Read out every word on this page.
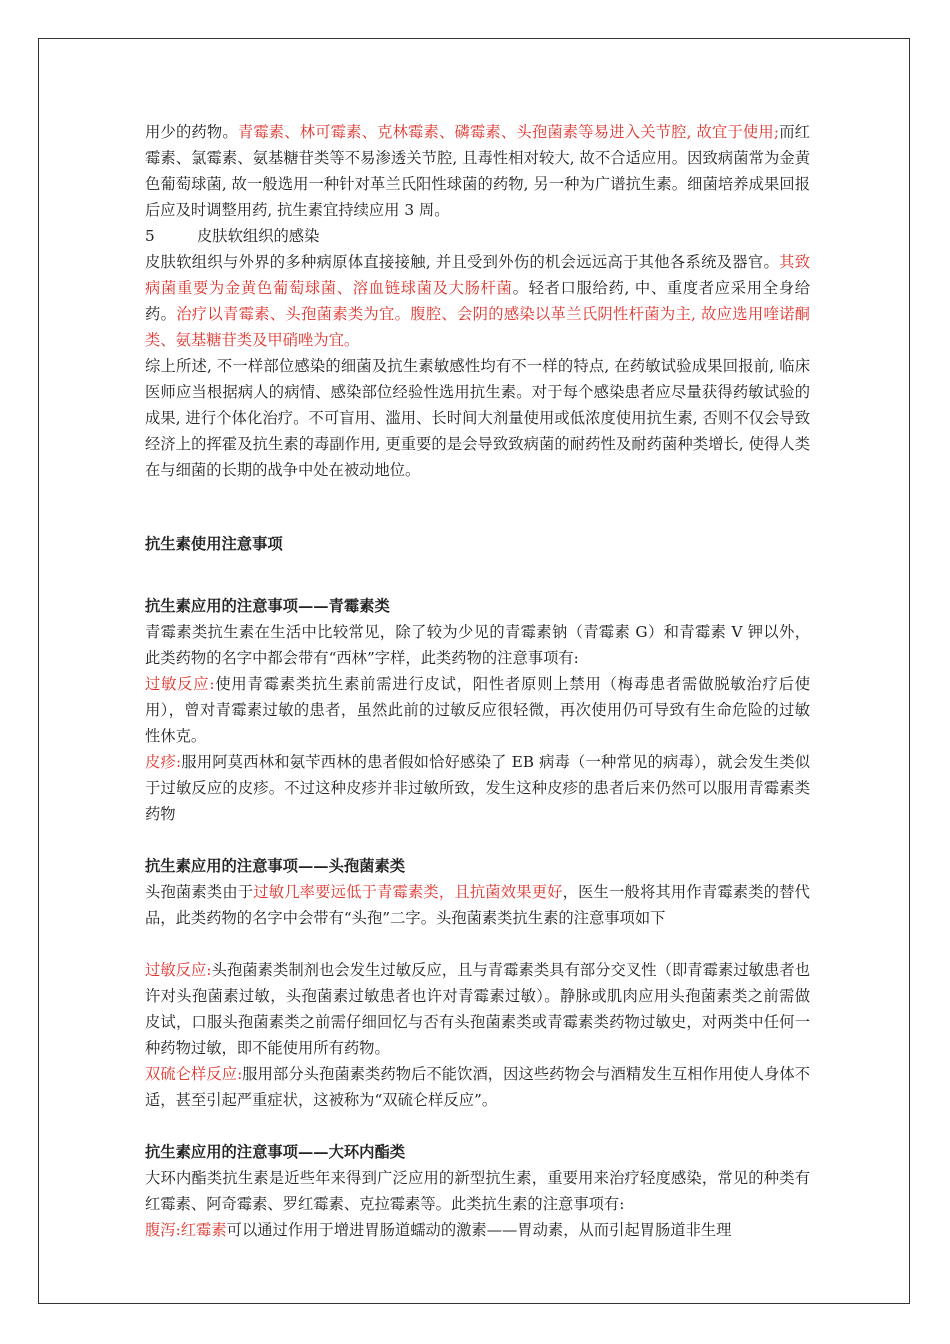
用少的药物。青霉素、林可霉素、克林霉素、磷霉素、头孢菌素等易进入关节腔, 故宜于使用;而红霉素、氯霉素、氨基糖苷类等不易渗透关节腔, 且毒性相对较大, 故不合适应用。因致病菌常为金黄色葡萄球菌, 故一般选用一种针对革兰氏阳性球菌的药物, 另一种为广谱抗生素。细菌培养成果回报后应及时调整用药, 抗生素宜持续应用 3 周。

5	皮肤软组织的感染

皮肤软组织与外界的多种病原体直接接触, 并且受到外伤的机会远远高于其他各系统及器官。其致病菌重要为金黄色葡萄球菌、溶血链球菌及大肠杆菌。轻者口服给药, 中、重度者应采用全身给药。治疗以青霉素、头孢菌素类为宜。腹腔、会阴的感染以革兰氏阴性杆菌为主, 故应选用喹诺酮类、氨基糖苷类及甲硝唑为宜。

综上所述, 不一样部位感染的细菌及抗生素敏感性均有不一样的特点, 在药敏试验成果回报前, 临床医师应当根据病人的病情、感染部位经验性选用抗生素。对于每个感染患者应尽量获得药敏试验的成果, 进行个体化治疗。不可盲用、滥用、长时间大剂量使用或低浓度使用抗生素, 否则不仅会导致经济上的挥霍及抗生素的毒副作用, 更重要的是会导致致病菌的耐药性及耐药菌种类增长, 使得人类在与细菌的长期的战争中处在被动地位。

抗生素使用注意事项

抗生素应用的注意事项——青霉素类

青霉素类抗生素在生活中比较常见，除了较为少见的青霉素钠（青霉素 G）和青霉素 V 钾以外，此类药物的名字中都会带有“西林”字样，此类药物的注意事项有:

过敏反应:使用青霉素类抗生素前需进行皮试，阳性者原则上禁用（梅毒患者需做脱敏治疗后使用），曾对青霉素过敏的患者，虽然此前的过敏反应很轻微，再次使用仍可导致有生命危险的过敏性休克。

皮疹:服用阿莫西林和氨苄西林的患者假如恰好感染了 EB 病毒（一种常见的病毒），就会发生类似于过敏反应的皮疹。不过这种皮疹并非过敏所致，发生这种皮疹的患者后来仍然可以服用青霉素类药物

抗生素应用的注意事项——头孢菌素类

头孢菌素类由于过敏几率要远低于青霉素类，且抗菌效果更好，医生一般将其用作青霉素类的替代品，此类药物的名字中会带有“头孢”二字。头孢菌素类抗生素的注意事项如下

过敏反应:头孢菌素类制剂也会发生过敏反应，且与青霉素类具有部分交叉性（即青霉素过敏患者也许对头孢菌素过敏，头孢菌素过敏患者也许对青霉素过敏）。静脉或肌肉应用头孢菌素类之前需做皮试，口服头孢菌素类之前需仔细回忆与否有头孢菌素类或青霉素类药物过敏史，对两类中任何一种药物过敏，即不能使用所有药物。

双硫仑样反应:服用部分头孢菌素类药物后不能饮酒，因这些药物会与酒精发生互相作用使人身体不适，甚至引起严重症状，这被称为“双硫仑样反应”。

抗生素应用的注意事项——大环内酯类

大环内酯类抗生素是近些年来得到广泛应用的新型抗生素，重要用来治疗轻度感染，常见的种类有红霉素、阿奇霉素、罗红霉素、克拉霉素等。此类抗生素的注意事项有:

腹泻:红霉素可以通过作用于增进胃肠道蠕动的激素——胃动素，从而引起胃肠道非生理
